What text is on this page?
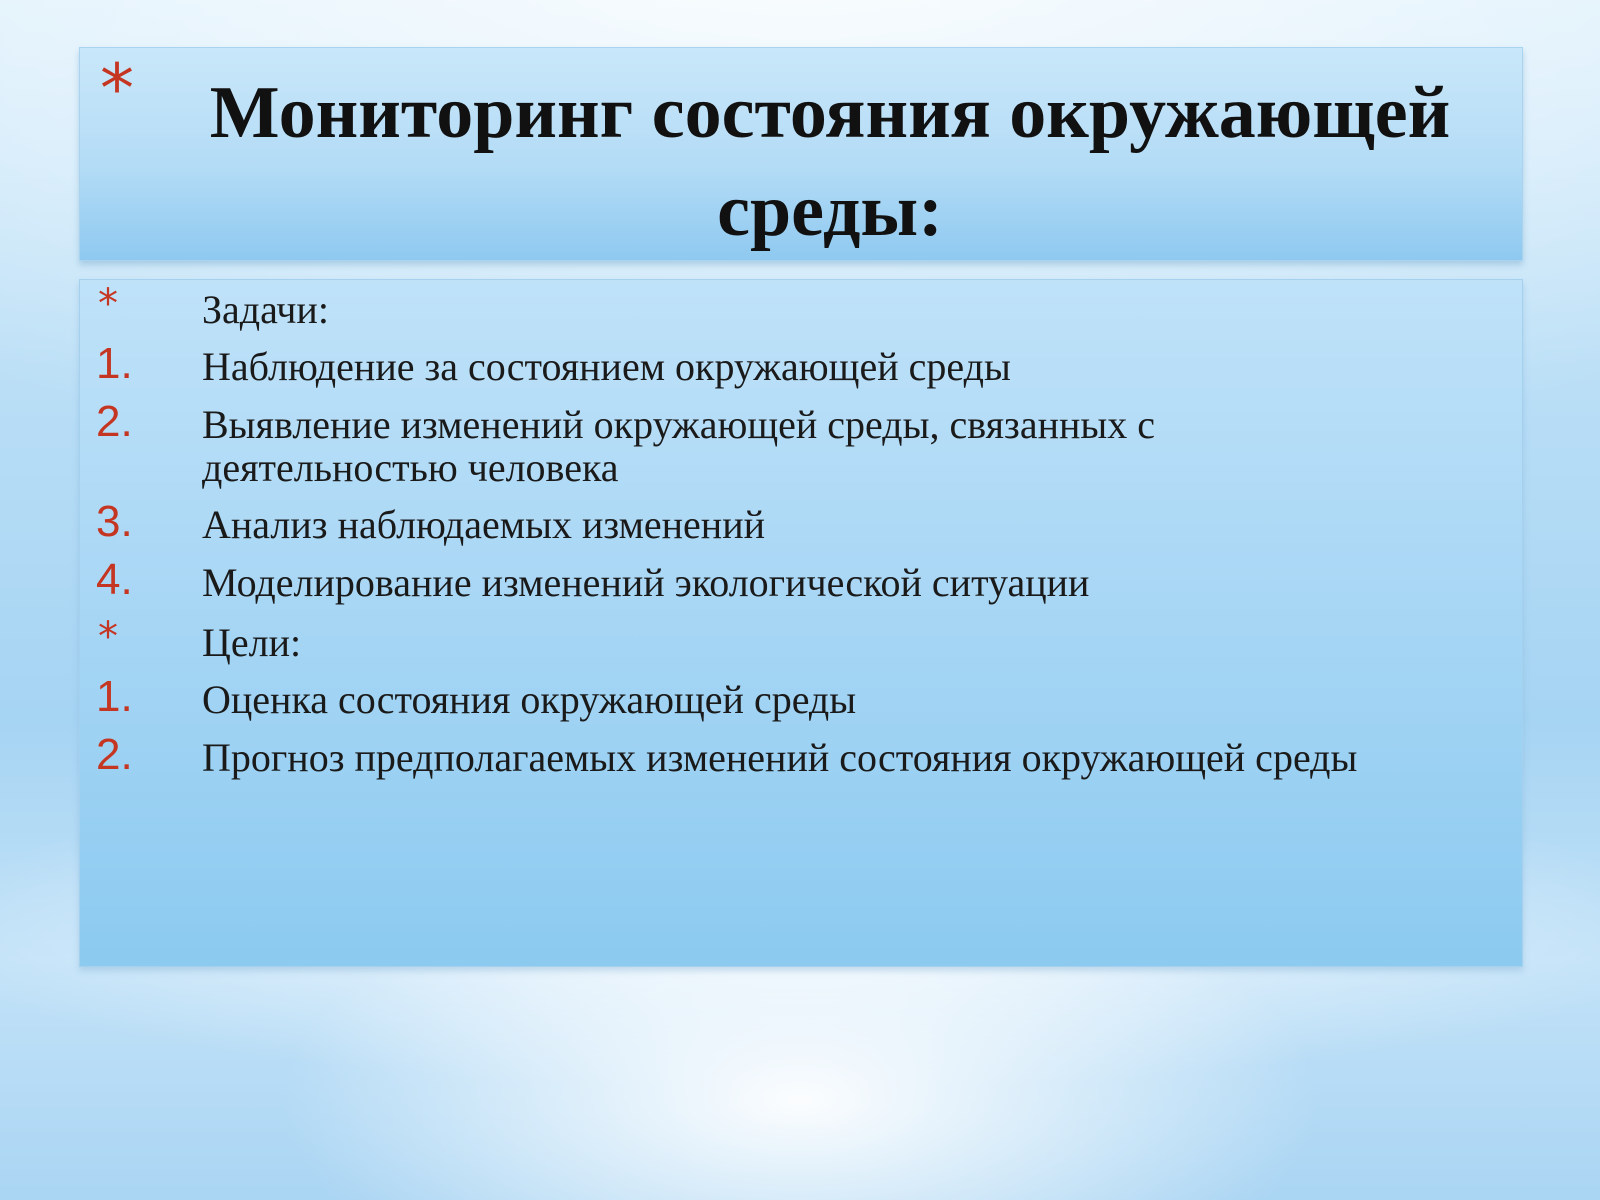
*	Мониторинг состояния окружающей среды:
* Задачи:
1. Наблюдение за состоянием окружающей среды
2. Выявление изменений окружающей среды, связанных с деятельностью человека
3. Анализ наблюдаемых изменений
4. Моделирование изменений экологической ситуации
* Цели:
1. Оценка состояния окружающей среды
2. Прогноз предполагаемых изменений состояния окружающей среды
